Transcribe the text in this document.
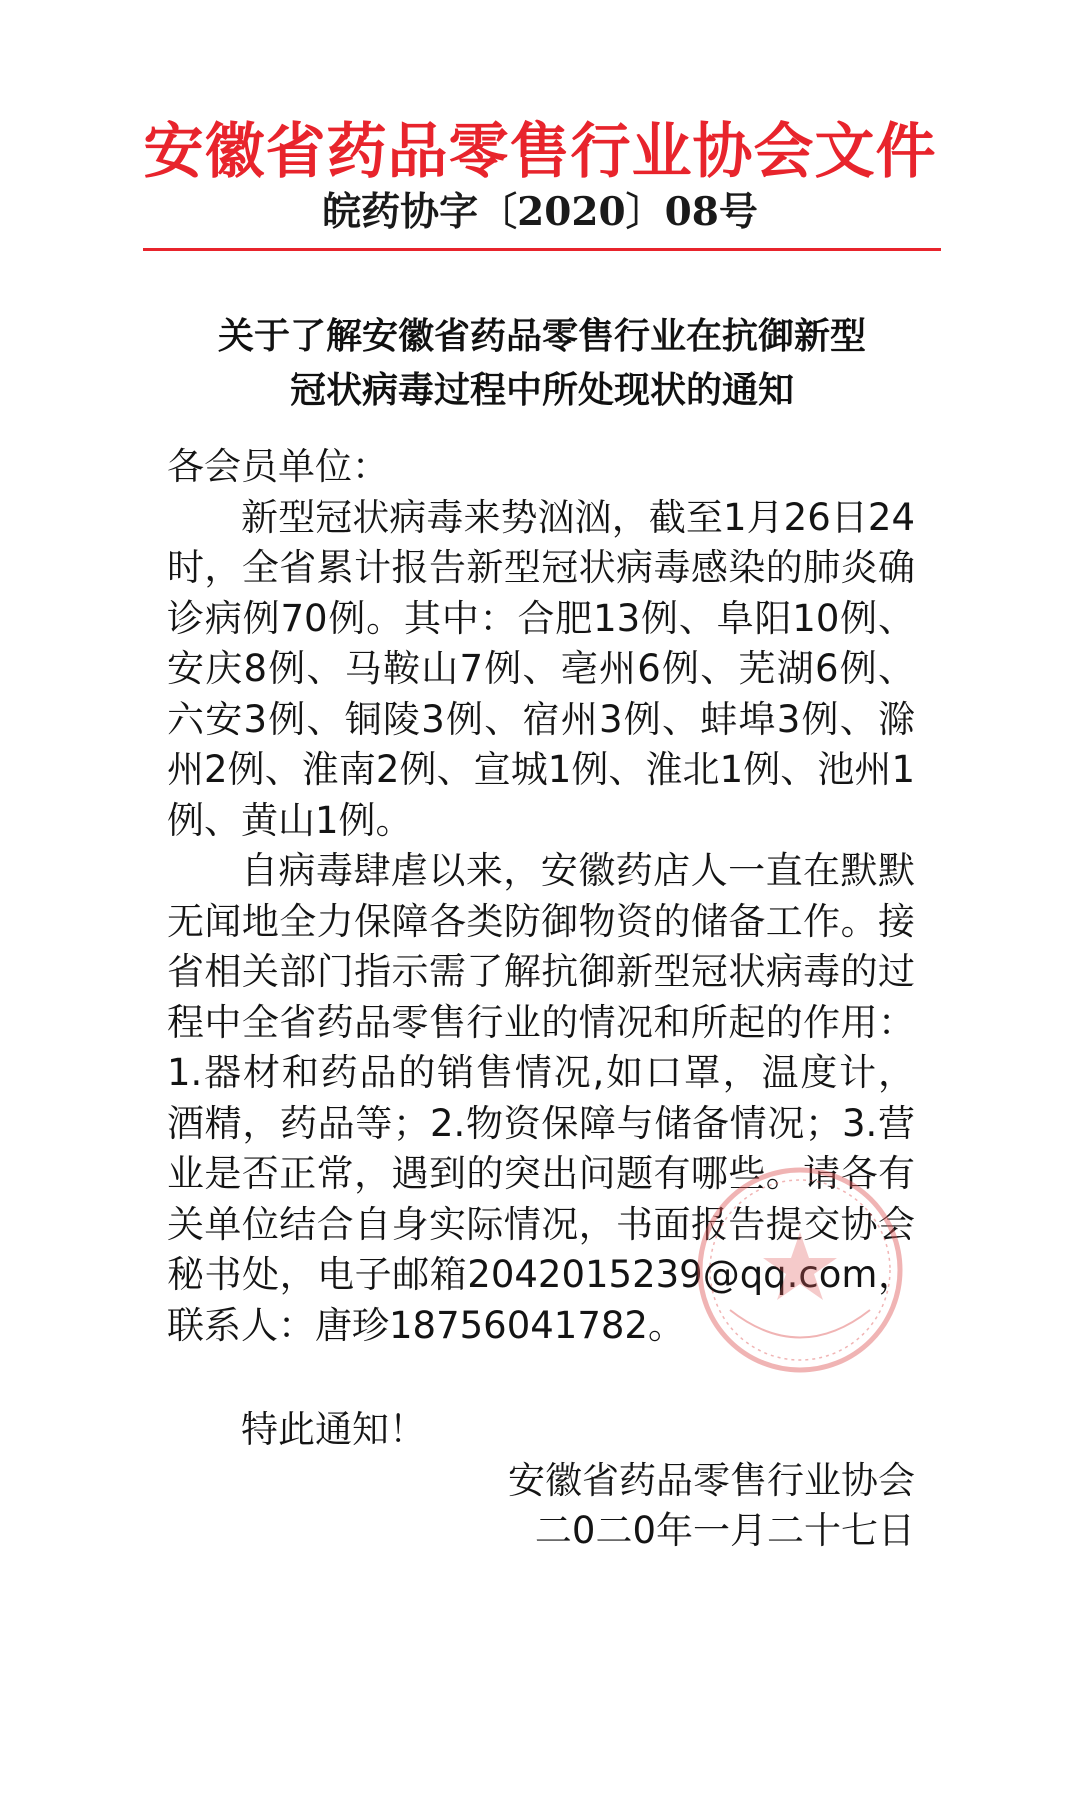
安徽省药品零售行业协会文件
皖药协字〔2020〕08号
关于了解安徽省药品零售行业在抗御新型
冠状病毒过程中所处现状的通知

各会员单位：

新型冠状病毒来势汹汹，截至1月26日24时，全省累计报告新型冠状病毒感染的肺炎确诊病例70例。其中：合肥13例、阜阳10例、安庆8例、马鞍山7例、亳州6例、芜湖6例、六安3例、铜陵3例、宿州3例、蚌埠3例、滁州2例、淮南2例、宣城1例、淮北1例、池州1例、黄山1例。

自病毒肆虐以来，安徽药店人一直在默默无闻地全力保障各类防御物资的储备工作。接省相关部门指示需了解抗御新型冠状病毒的过程中全省药品零售行业的情况和所起的作用：1.器材和药品的销售情况,如口罩，温度计，酒精，药品等；2.物资保障与储备情况；3.营业是否正常，遇到的突出问题有哪些。请各有关单位结合自身实际情况，书面报告提交协会秘书处，电子邮箱2042015239@qq.com， 联系人：唐珍18756041782。

特此通知！

安徽省药品零售行业协会

二0二0年一月二十七日
